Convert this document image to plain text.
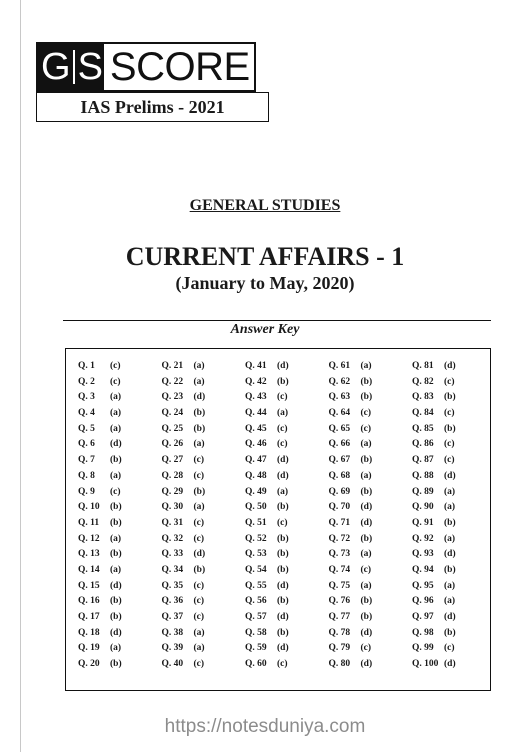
G S SCORE
IAS Prelims - 2021
GENERAL STUDIES
CURRENT AFFAIRS - 1
(January to May, 2020)
Answer Key
Q. 1 (c)
Q. 2 (c)
Q. 3 (a)
Q. 4 (a)
Q. 5 (a)
Q. 6 (d)
Q. 7 (b)
Q. 8 (a)
Q. 9 (c)
Q. 10 (b)
Q. 11 (b)
Q. 12 (a)
Q. 13 (b)
Q. 14 (a)
Q. 15 (d)
Q. 16 (b)
Q. 17 (b)
Q. 18 (d)
Q. 19 (a)
Q. 20 (b)
Q. 21 (a)
Q. 22 (a)
Q. 23 (d)
Q. 24 (b)
Q. 25 (b)
Q. 26 (a)
Q. 27 (c)
Q. 28 (c)
Q. 29 (b)
Q. 30 (a)
Q. 31 (c)
Q. 32 (c)
Q. 33 (d)
Q. 34 (b)
Q. 35 (c)
Q. 36 (c)
Q. 37 (c)
Q. 38 (a)
Q. 39 (a)
Q. 40 (c)
Q. 41 (d)
Q. 42 (b)
Q. 43 (c)
Q. 44 (a)
Q. 45 (c)
Q. 46 (c)
Q. 47 (d)
Q. 48 (d)
Q. 49 (a)
Q. 50 (b)
Q. 51 (c)
Q. 52 (b)
Q. 53 (b)
Q. 54 (b)
Q. 55 (d)
Q. 56 (b)
Q. 57 (d)
Q. 58 (b)
Q. 59 (d)
Q. 60 (c)
Q. 61 (a)
Q. 62 (b)
Q. 63 (b)
Q. 64 (c)
Q. 65 (c)
Q. 66 (a)
Q. 67 (b)
Q. 68 (a)
Q. 69 (b)
Q. 70 (d)
Q. 71 (d)
Q. 72 (b)
Q. 73 (a)
Q. 74 (c)
Q. 75 (a)
Q. 76 (b)
Q. 77 (b)
Q. 78 (d)
Q. 79 (c)
Q. 80 (d)
Q. 81 (d)
Q. 82 (c)
Q. 83 (b)
Q. 84 (c)
Q. 85 (b)
Q. 86 (c)
Q. 87 (c)
Q. 88 (d)
Q. 89 (a)
Q. 90 (a)
Q. 91 (b)
Q. 92 (a)
Q. 93 (d)
Q. 94 (b)
Q. 95 (a)
Q. 96 (a)
Q. 97 (d)
Q. 98 (b)
Q. 99 (c)
Q. 100 (d)
https://notesduniya.com
